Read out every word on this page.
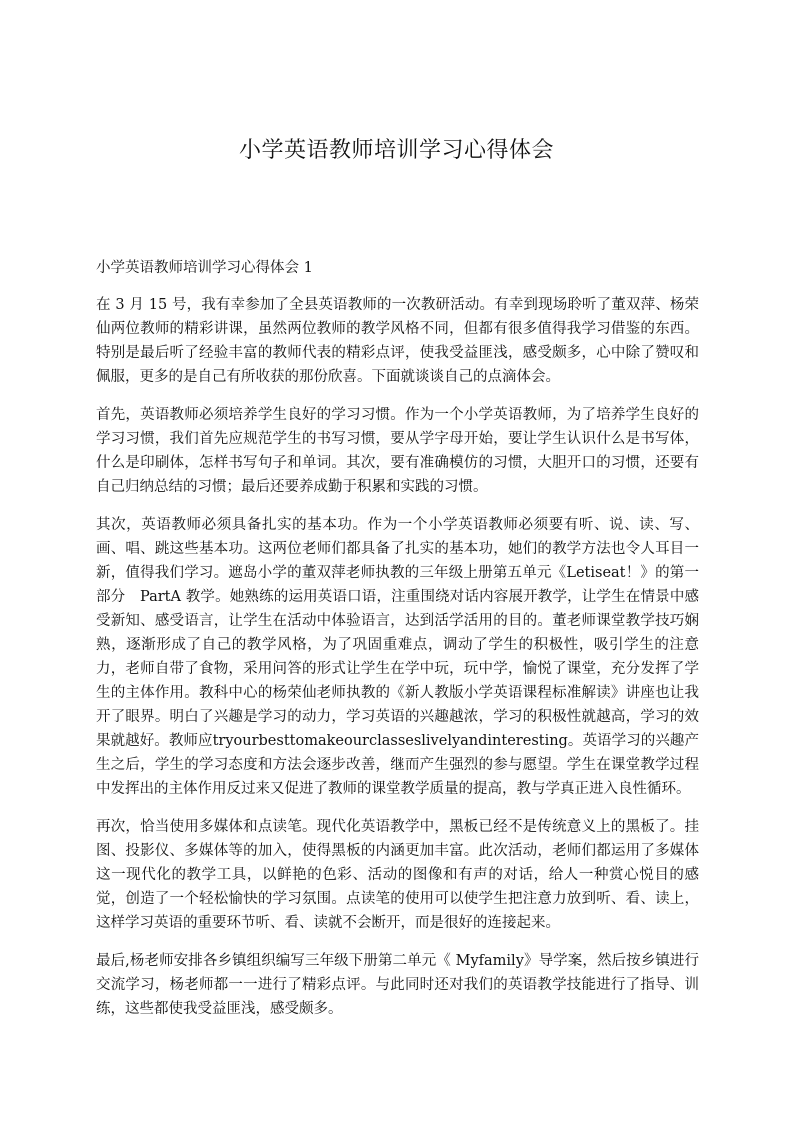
小学英语教师培训学习心得体会

小学英语教师培训学习心得体会 1

在 3 月 15 号，我有幸参加了全县英语教师的一次教研活动。有幸到现场聆听了董双萍、杨荣仙两位教师的精彩讲课，虽然两位教师的教学风格不同，但都有很多值得我学习借鉴的东西。特别是最后听了经验丰富的教师代表的精彩点评，使我受益匪浅，感受颇多，心中除了赞叹和佩服，更多的是自己有所收获的那份欣喜。下面就谈谈自己的点滴体会。

首先，英语教师必须培养学生良好的学习习惯。作为一个小学英语教师，为了培养学生良好的学习习惯，我们首先应规范学生的书写习惯，要从学字母开始，要让学生认识什么是书写体，什么是印刷体，怎样书写句子和单词。其次，要有准确模仿的习惯，大胆开口的习惯，还要有自己归纳总结的习惯；最后还要养成勤于积累和实践的习惯。

其次，英语教师必须具备扎实的基本功。作为一个小学英语教师必须要有听、说、读、写、画、唱、跳这些基本功。这两位老师们都具备了扎实的基本功，她们的教学方法也令人耳目一新，值得我们学习。遮岛小学的董双萍老师执教的三年级上册第五单元《Letiseat！》的第一部分　PartA 教学。她熟练的运用英语口语，注重围绕对话内容展开教学，让学生在情景中感受新知、感受语言，让学生在活动中体验语言，达到活学活用的目的。董老师课堂教学技巧娴熟，逐渐形成了自己的教学风格，为了巩固重难点，调动了学生的积极性，吸引学生的注意力，老师自带了食物，采用问答的形式让学生在学中玩，玩中学，愉悦了课堂，充分发挥了学生的主体作用。教科中心的杨荣仙老师执教的《新人教版小学英语课程标准解读》讲座也让我开了眼界。明白了兴趣是学习的动力，学习英语的兴趣越浓，学习的积极性就越高，学习的效果就越好。教师应tryourbesttomakeourclasseslivelyandinteresting。英语学习的兴趣产生之后，学生的学习态度和方法会逐步改善，继而产生强烈的参与愿望。学生在课堂教学过程中发挥出的主体作用反过来又促进了教师的课堂教学质量的提高，教与学真正进入良性循环。

再次，恰当使用多媒体和点读笔。现代化英语教学中，黑板已经不是传统意义上的黑板了。挂图、投影仪、多媒体等的加入，使得黑板的内涵更加丰富。此次活动，老师们都运用了多媒体这一现代化的教学工具，以鲜艳的色彩、活动的图像和有声的对话，给人一种赏心悦目的感觉，创造了一个轻松愉快的学习氛围。点读笔的使用可以使学生把注意力放到听、看、读上，这样学习英语的重要环节听、看、读就不会断开，而是很好的连接起来。

最后,杨老师安排各乡镇组织编写三年级下册第二单元《 Myfamily》导学案，然后按乡镇进行交流学习，杨老师都一一进行了精彩点评。与此同时还对我们的英语教学技能进行了指导、训练，这些都使我受益匪浅，感受颇多。
